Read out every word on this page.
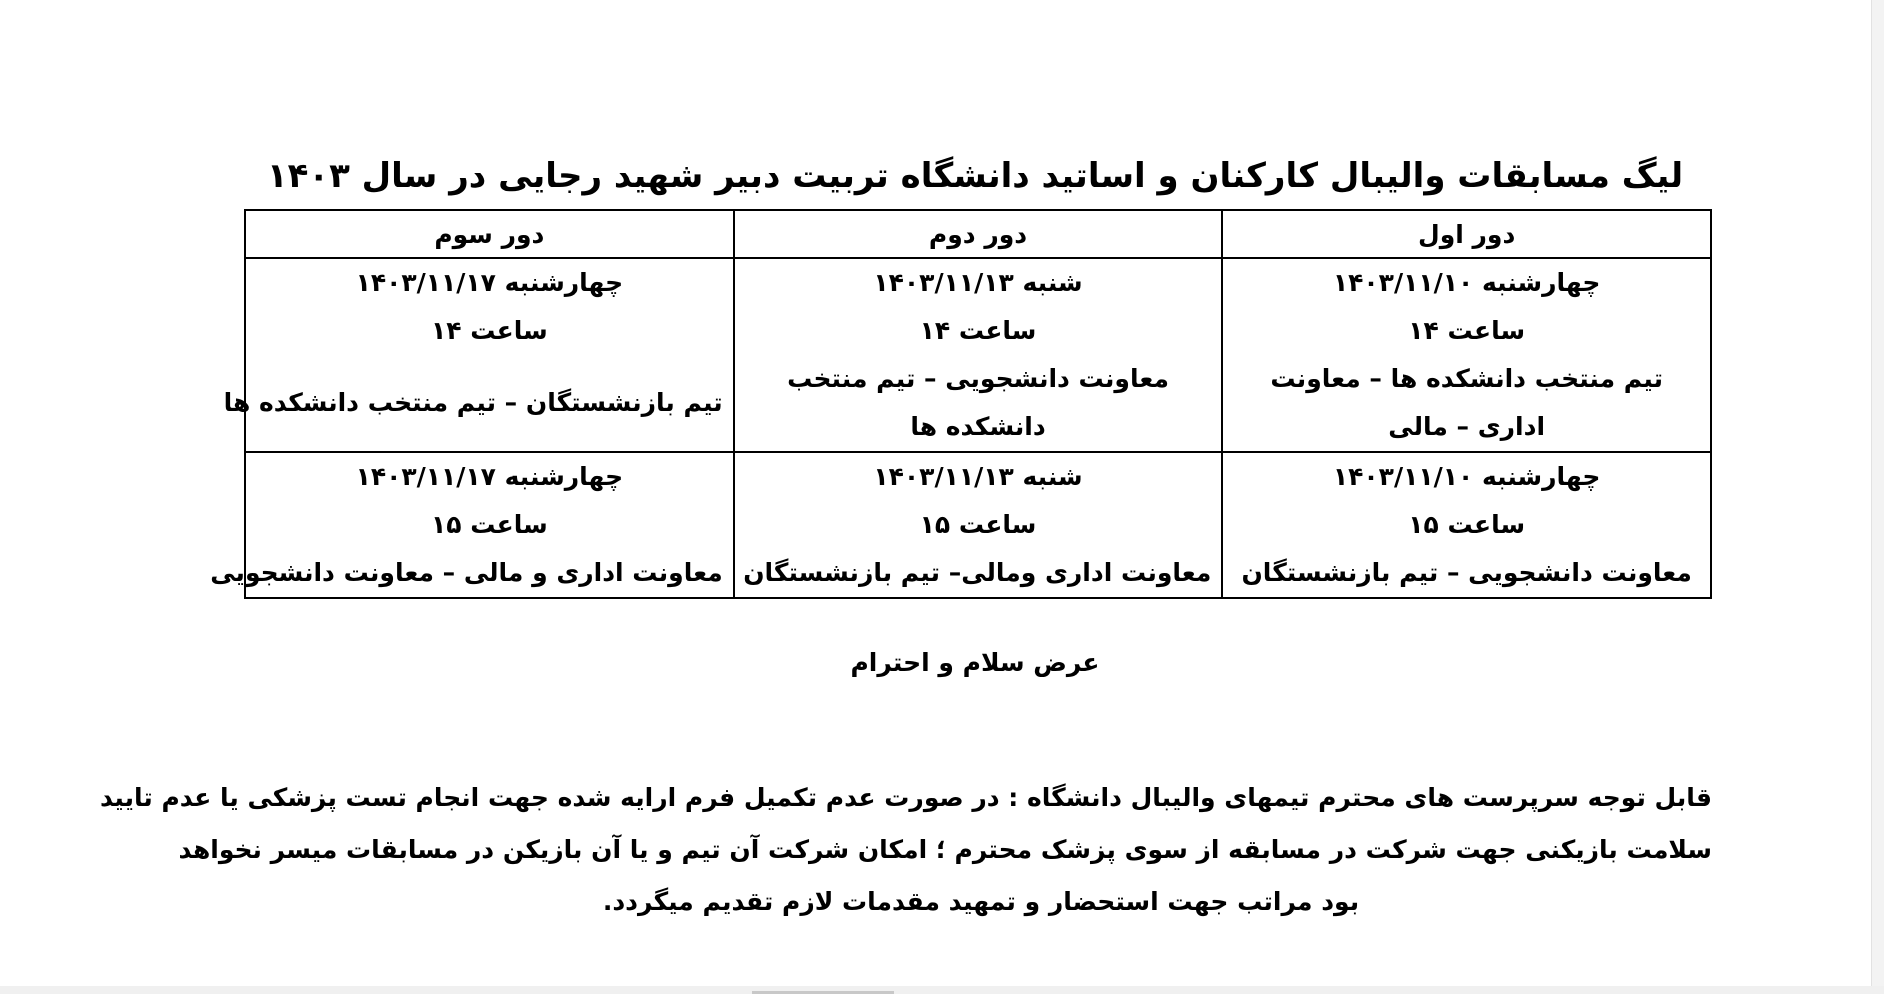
لیگ مسابقات والیبال کارکنان و اساتید دانشگاه تربیت دبیر شهید رجایی در سال ۱۴۰۳
دور اول	دور دوم	دور سوم

چهارشنبه ۱۴۰۳/۱۱/۱۰
ساعت ۱۴
تیم منتخب دانشکده ها – معاونت
اداری – مالی	شنبه ۱۴۰۳/۱۱/۱۳
ساعت ۱۴
معاونت دانشجویی – تیم منتخب
دانشکده ها	چهارشنبه ۱۴۰۳/۱۱/۱۷
ساعت ۱۴
تیم بازنشستگان – تیم منتخب دانشکده ها

چهارشنبه ۱۴۰۳/۱۱/۱۰
ساعت ۱۵
معاونت دانشجویی – تیم بازنشستگان	شنبه ۱۴۰۳/۱۱/۱۳
ساعت ۱۵
معاونت اداری ومالی– تیم بازنشستگان	چهارشنبه ۱۴۰۳/۱۱/۱۷
ساعت ۱۵
معاونت اداری و مالی – معاونت دانشجویی
عرض سلام و احترام
قابل توجه سرپرست های محترم تیمهای والیبال دانشگاه : در صورت عدم تکمیل فرم ارایه شده جهت انجام تست پزشکی یا عدم تایید
سلامت بازیکنی جهت شرکت در مسابقه از سوی پزشک محترم ؛ امکان شرکت آن تیم و یا آن بازیکن در مسابقات میسر نخواهد
بود مراتب جهت استحضار و تمهید مقدمات لازم تقدیم میگردد.
